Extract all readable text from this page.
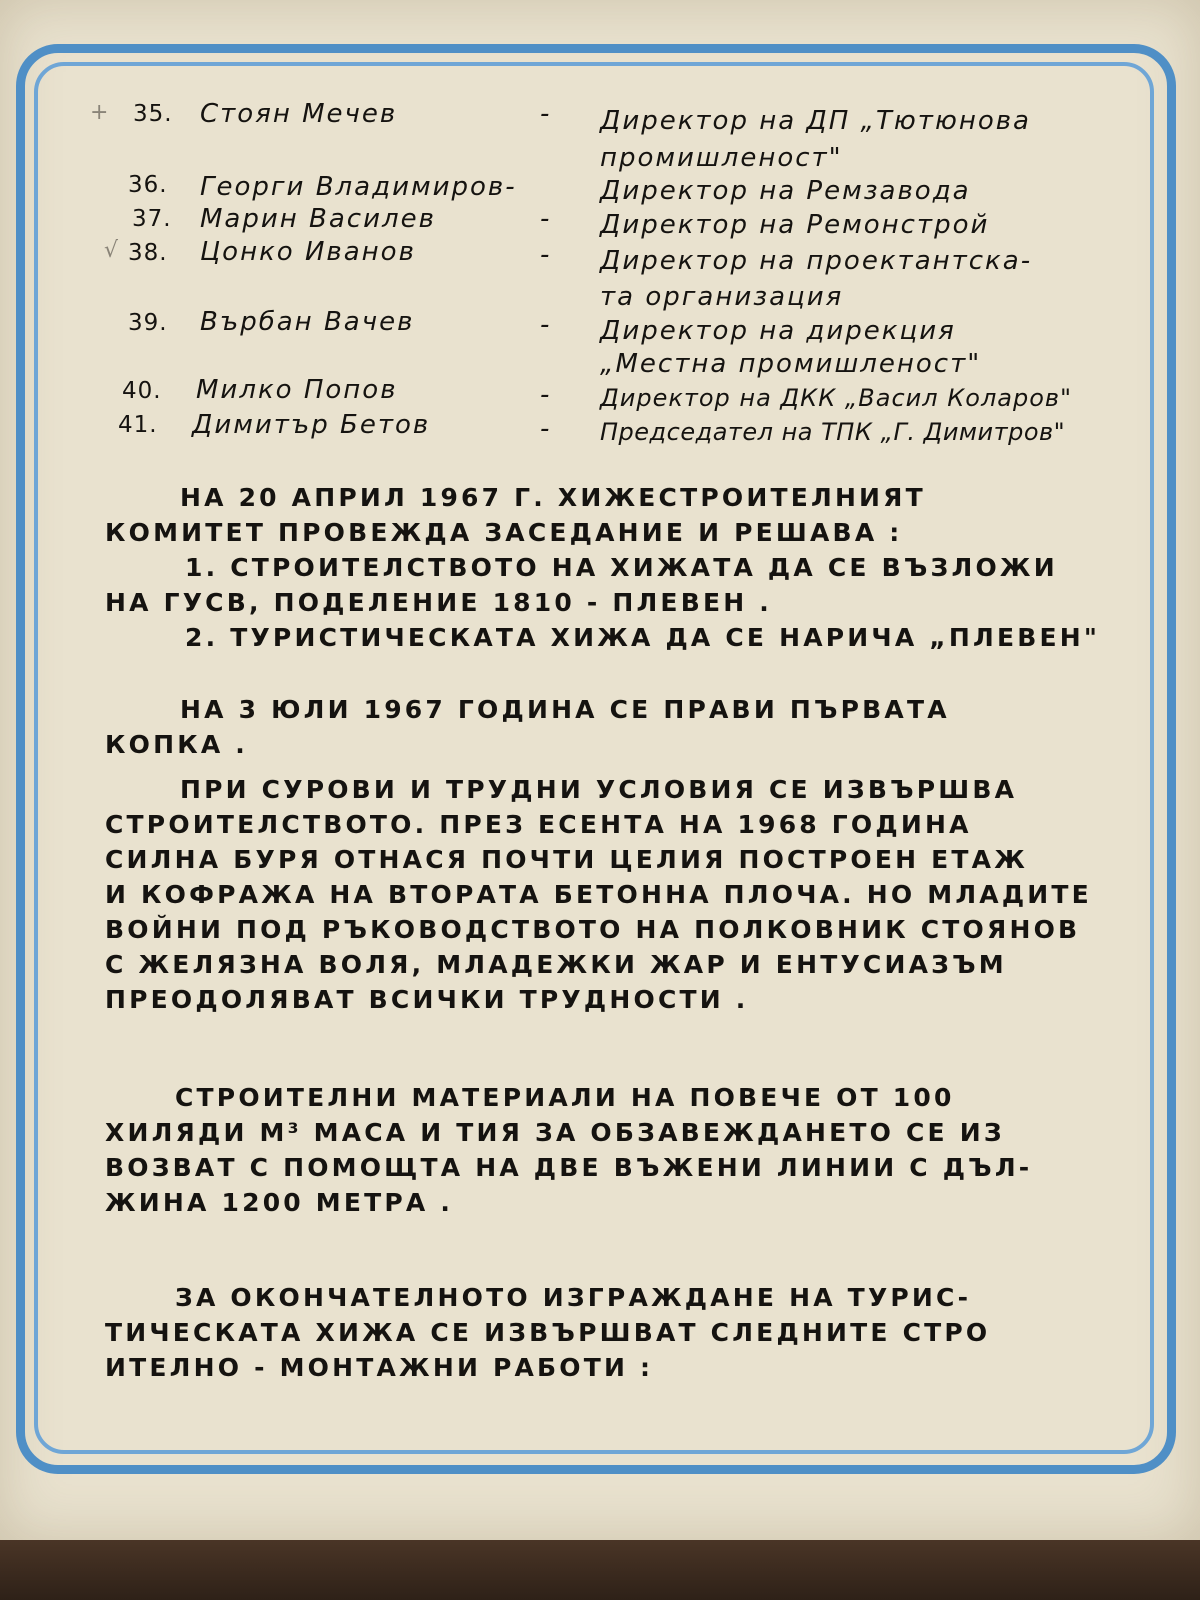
+ 35. Стоян Мечев	- Директор на ДП „Тютюнова
промишленост"
36. Георги Владимиров-	Директор на Ремзавода
37. Марин Василев	- Директор на Ремонстрой
√ 38. Цонко Иванов	- Директор на проектантска-
та организация
39. Върбан Вачев	- Директор на дирекция
„Местна промишленост"
40. Милко Попов	- Директор на ДКК „Васил Коларов"
41. Димитър Бетов	- Председател на ТПК „Г. Димитров"
НА 20 АПРИЛ 1967 Г. ХИЖЕСТРОИТЕЛНИЯТ
КОМИТЕТ ПРОВЕЖДА ЗАСЕДАНИЕ И РЕШАВА :
1. СТРОИТЕЛСТВОТО НА ХИЖАТА ДА СЕ ВЪЗЛОЖИ
НА ГУСВ, ПОДЕЛЕНИЕ 1810 - ПЛЕВЕН .
2. ТУРИСТИЧЕСКАТА ХИЖА ДА СЕ НАРИЧА „ПЛЕВЕН"
НА 3 ЮЛИ 1967 ГОДИНА СЕ ПРАВИ ПЪРВАТА
КОПКА .
ПРИ СУРОВИ И ТРУДНИ УСЛОВИЯ СЕ ИЗВЪРШВА
СТРОИТЕЛСТВОТО. ПРЕЗ ЕСЕНТА НА 1968 ГОДИНА
СИЛНА БУРЯ ОТНАСЯ ПОЧТИ ЦЕЛИЯ ПОСТРОЕН ЕТАЖ
И КОФРАЖА НА ВТОРАТА БЕТОННА ПЛОЧА. НО МЛАДИТЕ
ВОЙНИ ПОД РЪКОВОДСТВОТО НА ПОЛКОВНИК СТОЯНОВ
С ЖЕЛЯЗНА ВОЛЯ, МЛАДЕЖКИ ЖАР И ЕНТУСИАЗЪМ
ПРЕОДОЛЯВАТ ВСИЧКИ ТРУДНОСТИ .
СТРОИТЕЛНИ МАТЕРИАЛИ НА ПОВЕЧЕ ОТ 100
ХИЛЯДИ М³ МАСА И ТИЯ ЗА ОБЗАВЕЖДАНЕТО СЕ ИЗ
ВОЗВАТ С ПОМОЩТА НА ДВЕ ВЪЖЕНИ ЛИНИИ С ДЪЛ-
ЖИНА 1200 МЕТРА .
ЗА ОКОНЧАТЕЛНОТО ИЗГРАЖДАНЕ НА ТУРИС-
ТИЧЕСКАТА ХИЖА СЕ ИЗВЪРШВАТ СЛЕДНИТЕ СТРО
ИТЕЛНО - МОНТАЖНИ РАБОТИ :
